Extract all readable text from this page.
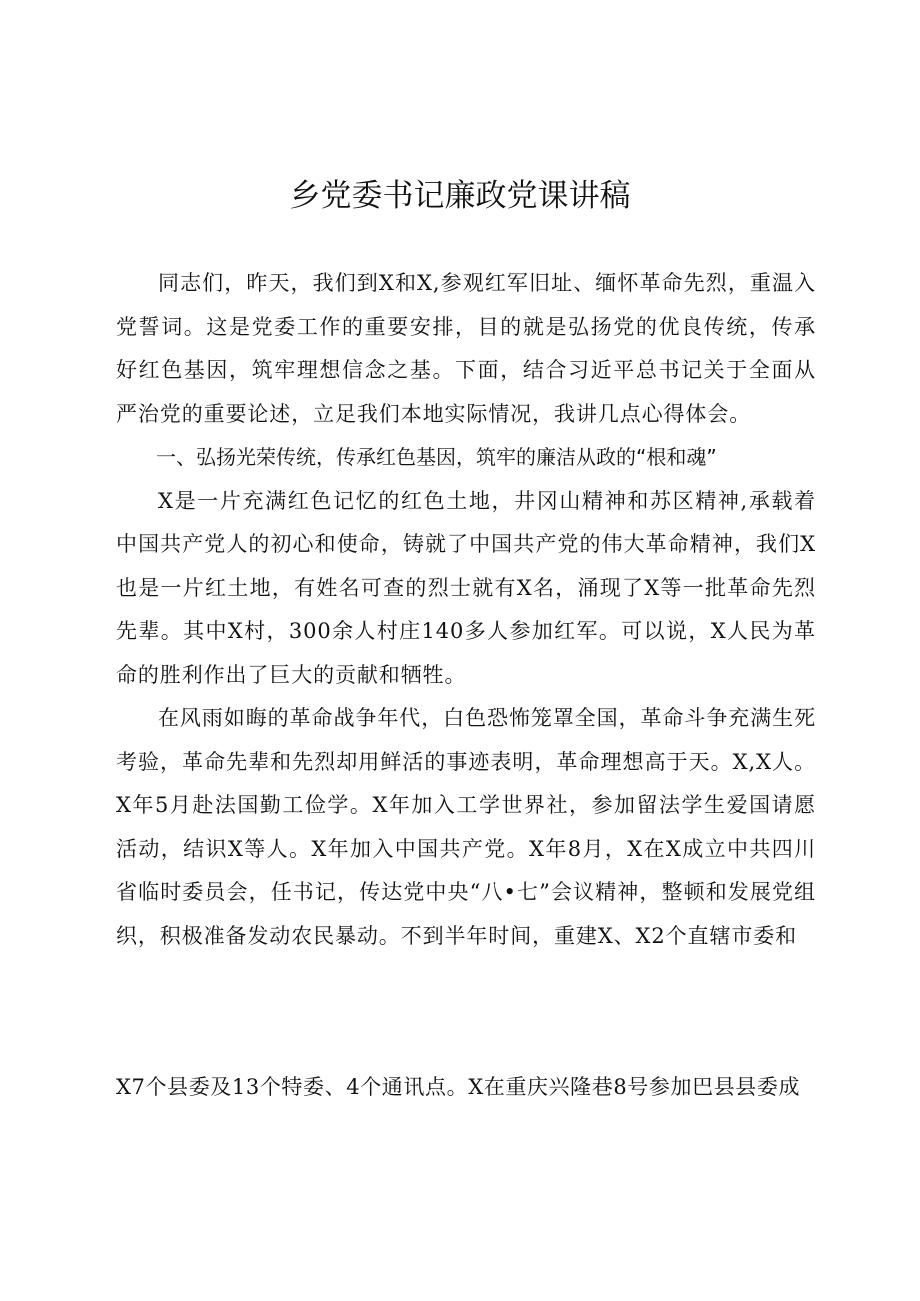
乡党委书记廉政党课讲稿

同志们，昨天，我们到X和X,参观红军旧址、缅怀革命先烈，重温入党誓词。这是党委工作的重要安排，目的就是弘扬党的优良传统，传承好红色基因，筑牢理想信念之基。下面，结合习近平总书记关于全面从严治党的重要论述，立足我们本地实际情况，我讲几点心得体会。

一、弘扬光荣传统，传承红色基因，筑牢的廉洁从政的“根和魂”

X是一片充满红色记忆的红色土地，井冈山精神和苏区精神,承载着中国共产党人的初心和使命，铸就了中国共产党的伟大革命精神，我们X也是一片红土地，有姓名可查的烈士就有X名，涌现了X等一批革命先烈先辈。其中X村，300余人村庄140多人参加红军。可以说，X人民为革命的胜利作出了巨大的贡献和牺牲。

在风雨如晦的革命战争年代，白色恐怖笼罩全国，革命斗争充满生死考验，革命先辈和先烈却用鲜活的事迹表明，革命理想高于天。X,X人。X年5月赴法国勤工俭学。X年加入工学世界社，参加留法学生爱国请愿活动，结识X等人。X年加入中国共产党。X年8月，X在X成立中共四川省临时委员会，任书记，传达党中央“八•七”会议精神，整顿和发展党组织，积极准备发动农民暴动。不到半年时间，重建X、X2个直辖市委和

X7个县委及13个特委、4个通讯点。X在重庆兴隆巷8号参加巴县县委成
